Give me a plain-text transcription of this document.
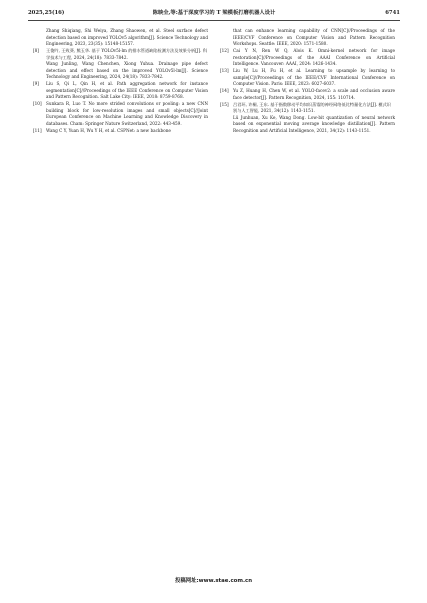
2025,25(16)	陈映全,等:基于深度学习的 T 梁模板打磨机器人设计	6741
Zhang Shiqiang, Shi Weiya, Zhang Shaowen, et al. Steel surface defect detection based on improved YOLOv5 algorithm[J]. Science Technology and Engineering, 2023, 23(35): 15148-15157.
[8] 王俊吟, 王致葵, 熊玉华. 基于 YOLOv5l-lm 的排水管道缺陷检测方法及效果分析[J]. 科学技术与工程, 2024, 24(18): 7833-7842.
Wang Junling, Wang Chenchen, Xiong Yuhua. Drainage pipe defect detection and effect based on the improved YOLOv5l-lm[J]. Science Technology and Engineering, 2024, 24(18): 7833-7842.
[9] Liu S, Qi L, Qin H, et al. Path aggregation network for instance segmentation[C]//Proceedings of the IEEE Conference on Computer Vision and Pattern Recognition. Salt Lake City: IEEE, 2018: 8759-8768.
[10] Sunkara R, Luo T. No more strided convolutions or pooling: a new CNN building block for low-resolution images and small objects[C]//Joint European Conference on Machine Learning and Knowledge Discovery in databases. Cham: Springer Nature Switzerland, 2022: 443-459.
[11] Wang C Y, Yuan H, Wu Y H, et al. CSPNet: a new backbone
that can enhance learning capability of CNN[C]//Proceedings of the IEEE/CVF Conference on Computer Vision and Pattern Recognition Workshops. Seattle: IEEE, 2020: 1571-1580.
[12] Cai Y N, Ren W Q, Alois K. Omni-kernel network for image restoration[C]//Proceedings of the AAAI Conference on Artificial Intelligence. Vancouver: AAAI, 2024: 1426-1434.
[13] Liu W, Lu H, Fu H, et al. Learning to upsample by learning to sample[C]//Proceedings of the IEEE/CVF International Conference on Computer Vision. Paris: IEEE, 2023: 6027-6037.
[14] Yu Z, Huang H, Chen W, et al. YOLO-facev2: a scale and occlusion aware face detector[J]. Pattern Recognition, 2024, 155: 110714.
[15] 吕君环, 许桐, 王东. 基于指数移动平均知识蒸馏的神经网络低比特量化方法[J]. 模式识别与人工智能, 2021, 34(12): 1143-1151.
Lü Junhuan, Xu Ke, Wang Dong. Low-bit quantization of neural network based on exponential moving average knowledge distillation[J]. Pattern Recognition and Artificial Intelligence, 2021, 34(12): 1143-1151.
投稿网址:www.stae.com.cn
